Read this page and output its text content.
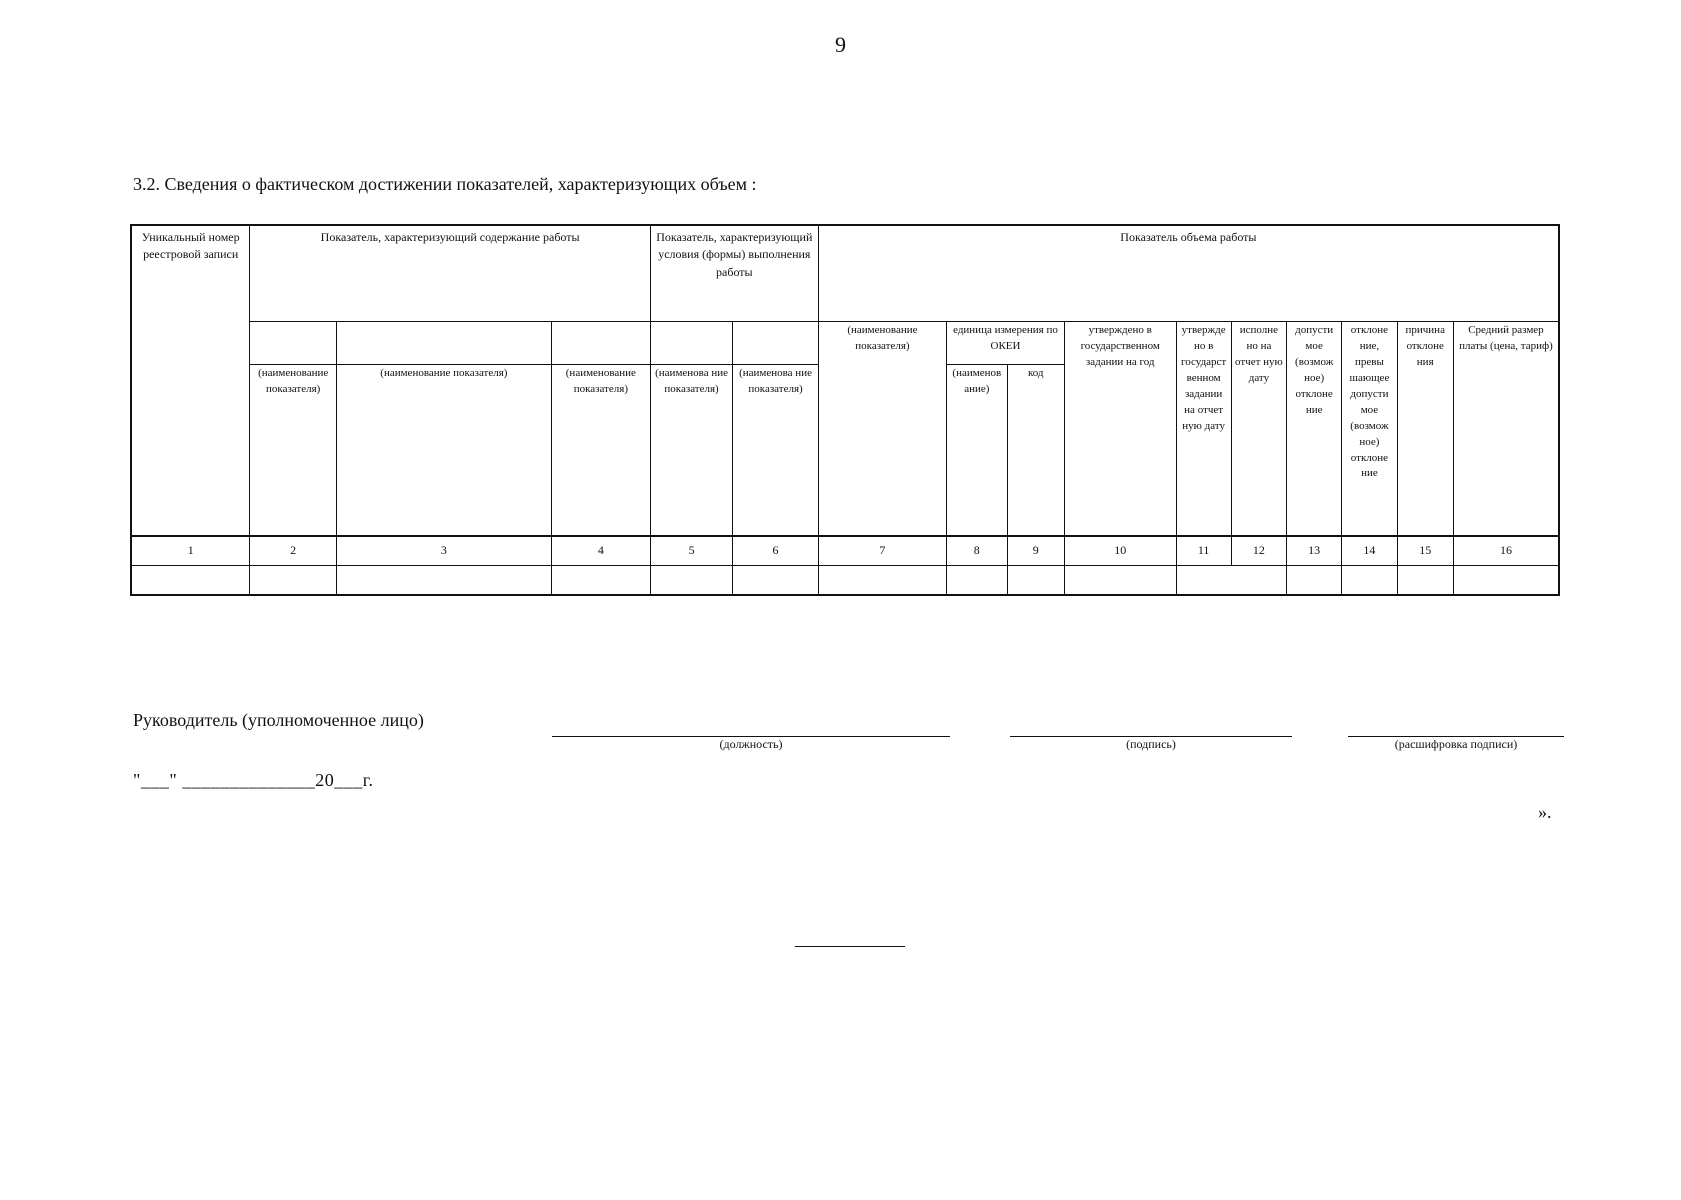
9
3.2. Сведения о фактическом достижении показателей, характеризующих объем :
Уникальный номер реестровой записи	Показатель, характеризующий содержание работы			Показатель, характеризующий условия (формы) выполнения работы		Показатель объема работы									
						(наименование показателя)	единица измерения по ОКЕИ		утверждено в государственном задании на год	утвержде но в государст венном задании на отчет ную дату	исполне но на отчет ную дату	допусти мое (возмож ное) отклоне ние	отклоне ние, превы шающее допусти мое (возмож ное) отклоне ние	причина отклоне ния	Средний размер платы (цена, тариф)
	(наименование показателя)	(наименование показателя)	(наименование показателя)	(наименова ние показателя)	(наименова ние показателя)		(наименов ание)	код							
1	2	3	4	5	6	7	8	9	10	11	12	13	14	15	16

Руководитель (уполномоченное лицо)
(должность)	(подпись)	(расшифровка подписи)
"___" ______________20___г.
».
